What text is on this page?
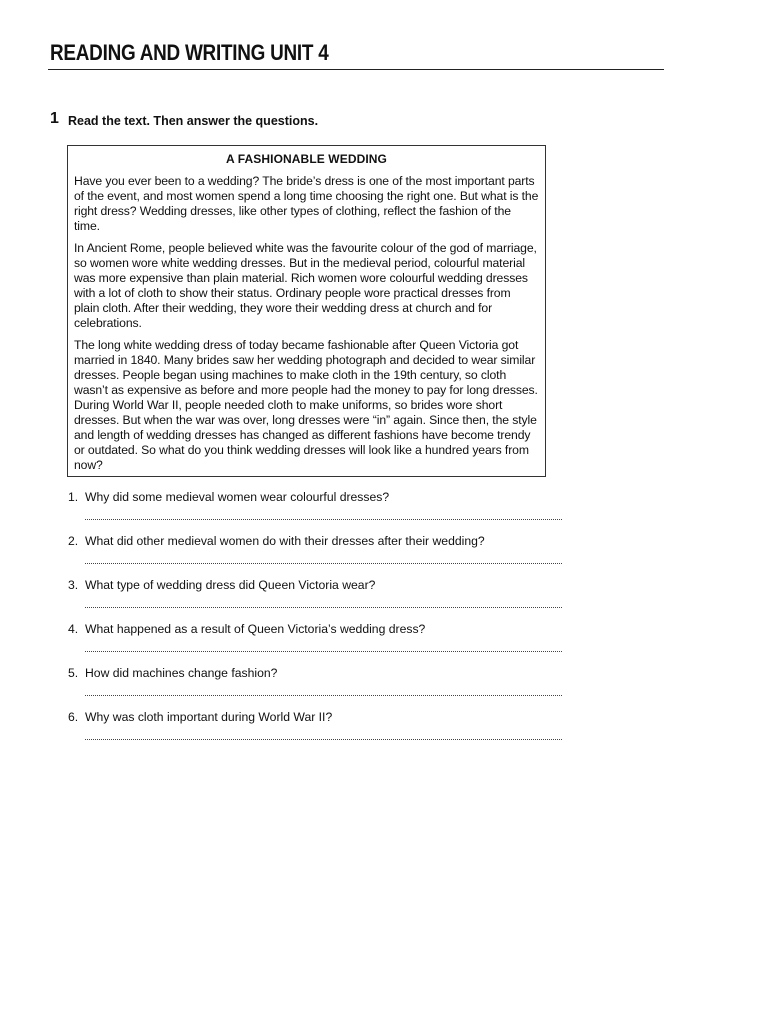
READING AND WRITING UNIT 4
1 Read the text. Then answer the questions.
A FASHIONABLE WEDDING

Have you ever been to a wedding? The bride’s dress is one of the most important parts of the event, and most women spend a long time choosing the right one. But what is the right dress? Wedding dresses, like other types of clothing, reflect the fashion of the time.

In Ancient Rome, people believed white was the favourite colour of the god of marriage, so women wore white wedding dresses. But in the medieval period, colourful material was more expensive than plain material. Rich women wore colourful wedding dresses with a lot of cloth to show their status. Ordinary people wore practical dresses from plain cloth. After their wedding, they wore their wedding dress at church and for celebrations.

The long white wedding dress of today became fashionable after Queen Victoria got married in 1840. Many brides saw her wedding photograph and decided to wear similar dresses. People began using machines to make cloth in the 19th century, so cloth wasn’t as expensive as before and more people had the money to pay for long dresses. During World War II, people needed cloth to make uniforms, so brides wore short dresses. But when the war was over, long dresses were “in” again. Since then, the style and length of wedding dresses has changed as different fashions have become trendy or outdated. So what do you think wedding dresses will look like a hundred years from now?

1. Why did some medieval women wear colourful dresses?
2. What did other medieval women do with their dresses after their wedding?
3. What type of wedding dress did Queen Victoria wear?
4. What happened as a result of Queen Victoria’s wedding dress?
5. How did machines change fashion?
6. Why was cloth important during World War II?
